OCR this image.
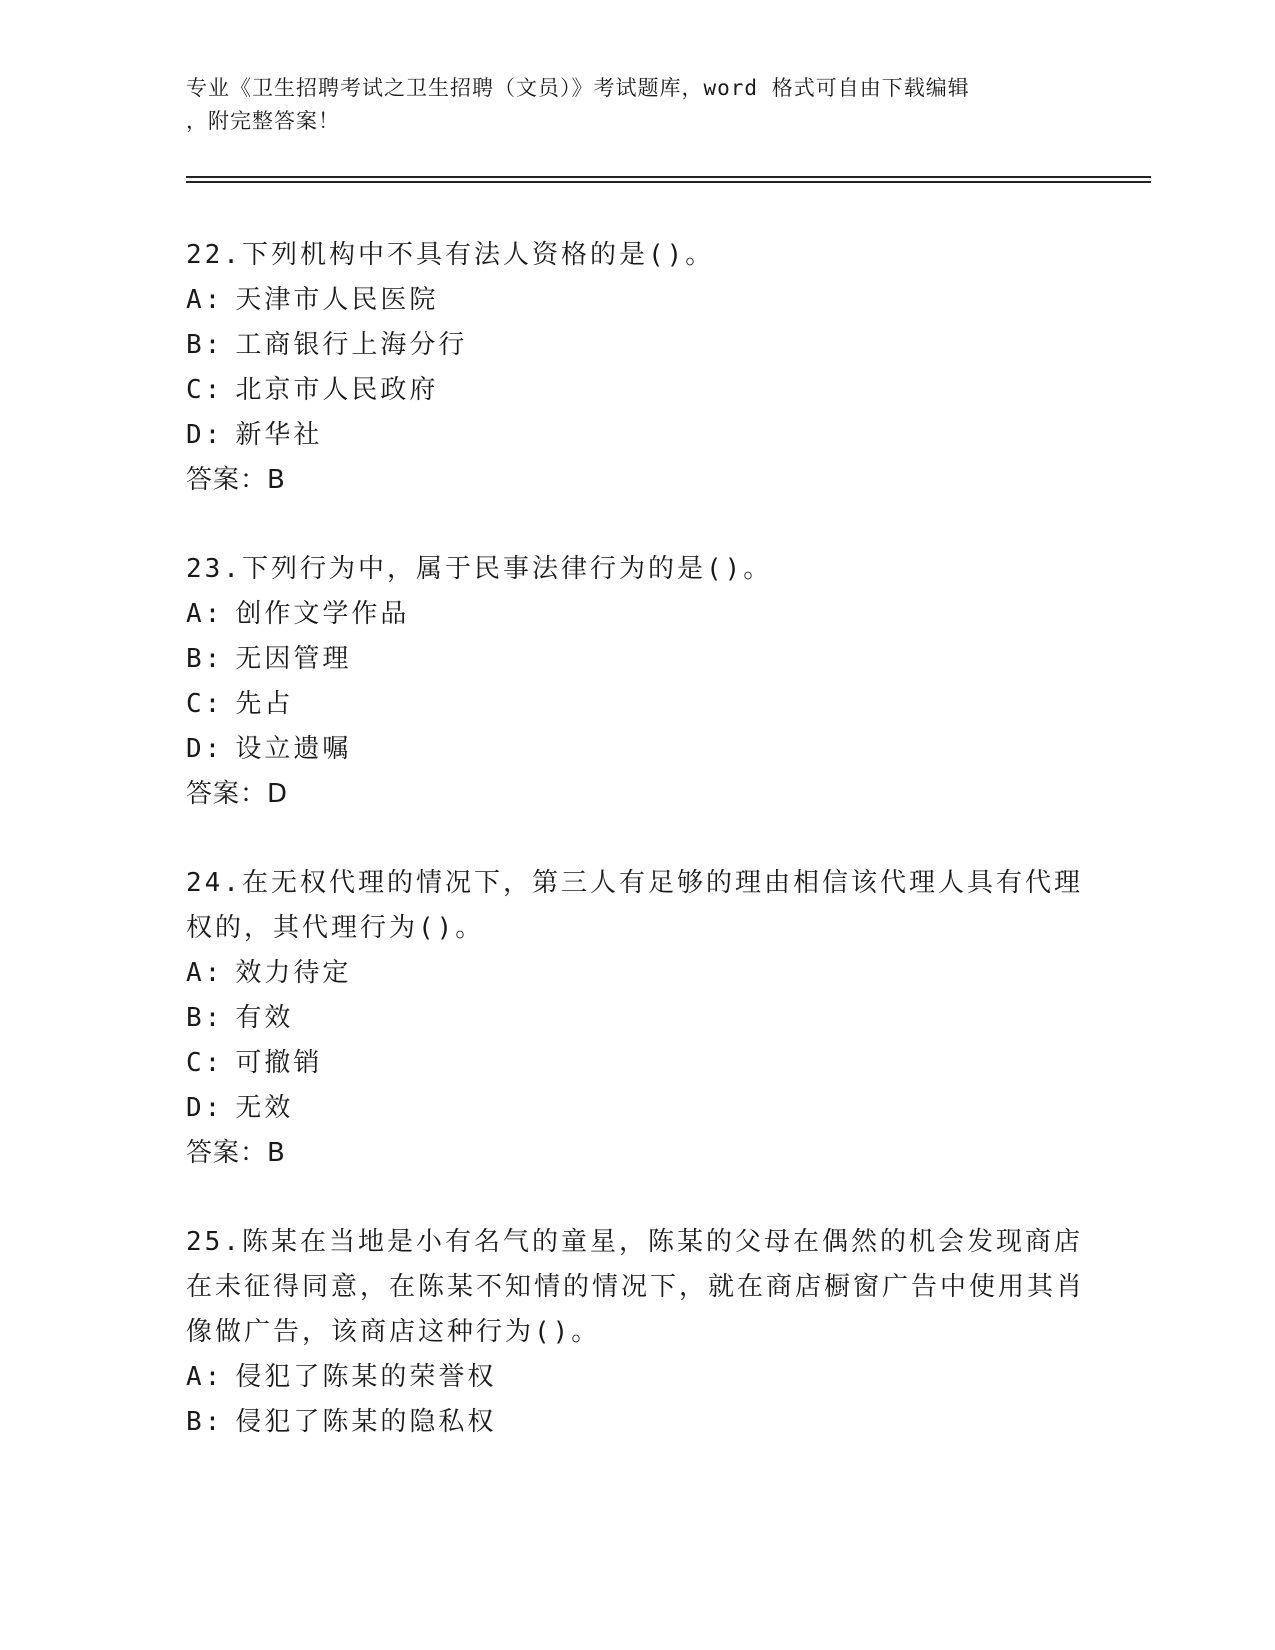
专业《卫生招聘考试之卫生招聘（文员）》考试题库，word 格式可自由下载编辑
，附完整答案！
22.下列机构中不具有法人资格的是()。
A: 天津市人民医院
B: 工商银行上海分行
C: 北京市人民政府
D: 新华社
答案：B
23.下列行为中，属于民事法律行为的是()。
A: 创作文学作品
B: 无因管理
C: 先占
D: 设立遗嘱
答案：D
24.在无权代理的情况下，第三人有足够的理由相信该代理人具有代理权的，其代理行为()。
A: 效力待定
B: 有效
C: 可撤销
D: 无效
答案：B
25.陈某在当地是小有名气的童星，陈某的父母在偶然的机会发现商店在未征得同意，在陈某不知情的情况下，就在商店橱窗广告中使用其肖像做广告，该商店这种行为()。
A: 侵犯了陈某的荣誉权
B: 侵犯了陈某的隐私权
